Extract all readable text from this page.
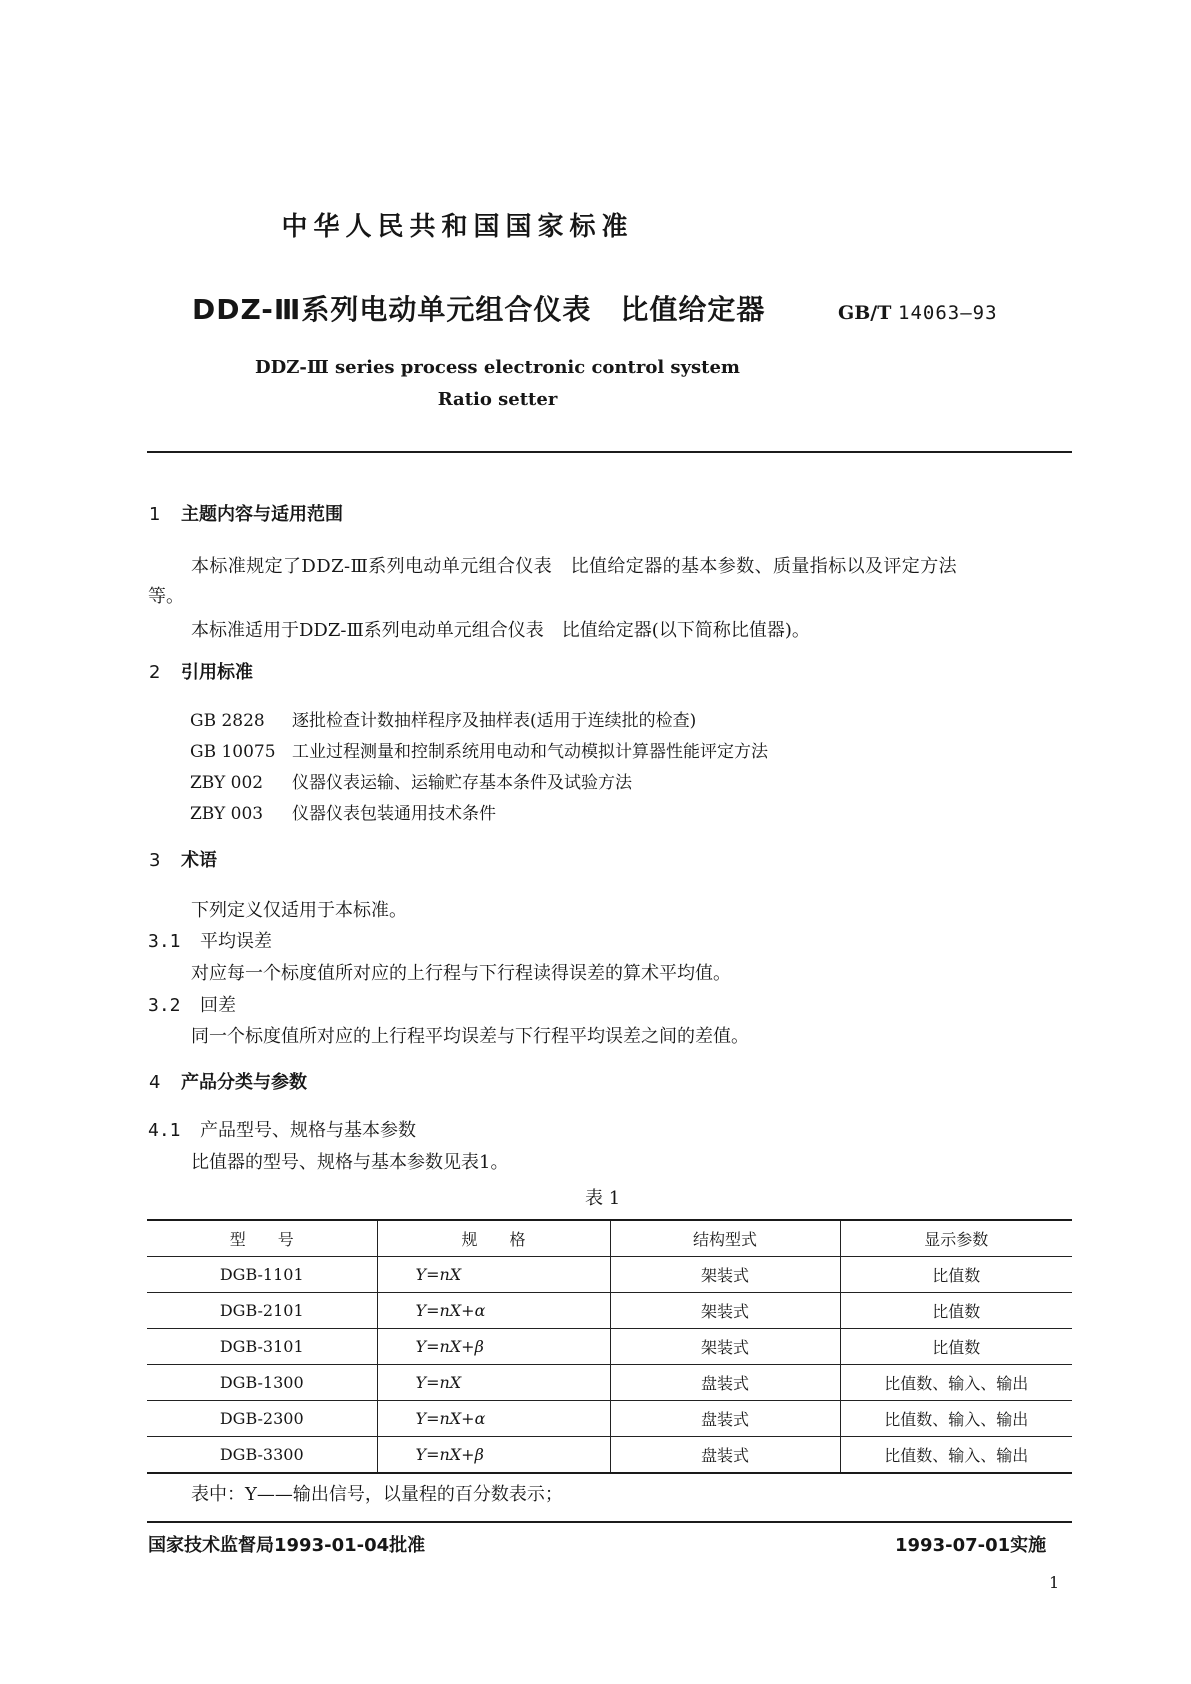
中华人民共和国国家标准
DDZ-Ⅲ系列电动单元组合仪表　比值给定器	GB/T 14063—93
DDZ-Ⅲ series process electronic control system
Ratio setter
1 主题内容与适用范围
本标准规定了DDZ-Ⅲ系列电动单元组合仪表　比值给定器的基本参数、质量指标以及评定方法
等。
本标准适用于DDZ-Ⅲ系列电动单元组合仪表　比值给定器(以下简称比值器)。
2 引用标准
GB 2828 逐批检查计数抽样程序及抽样表(适用于连续批的检查)
GB 10075 工业过程测量和控制系统用电动和气动模拟计算器性能评定方法
ZBY 002 仪器仪表运输、运输贮存基本条件及试验方法
ZBY 003 仪器仪表包装通用技术条件
3 术语
下列定义仅适用于本标准。
3.1 平均误差
对应每一个标度值所对应的上行程与下行程读得误差的算术平均值。
3.2 回差
同一个标度值所对应的上行程平均误差与下行程平均误差之间的差值。
4 产品分类与参数
4.1 产品型号、规格与基本参数
比值器的型号、规格与基本参数见表1。
表 1
型　　号	规　　格	结构型式	显示参数
DGB-1101	Y=nX	架装式	比值数
DGB-2101	Y=nX+α	架装式	比值数
DGB-3101	Y=nX+β	架装式	比值数
DGB-1300	Y=nX	盘装式	比值数、输入、输出
DGB-2300	Y=nX+α	盘装式	比值数、输入、输出
DGB-3300	Y=nX+β	盘装式	比值数、输入、输出
表中：Y——输出信号，以量程的百分数表示；
国家技术监督局1993-01-04批准	1993-07-01实施
1
